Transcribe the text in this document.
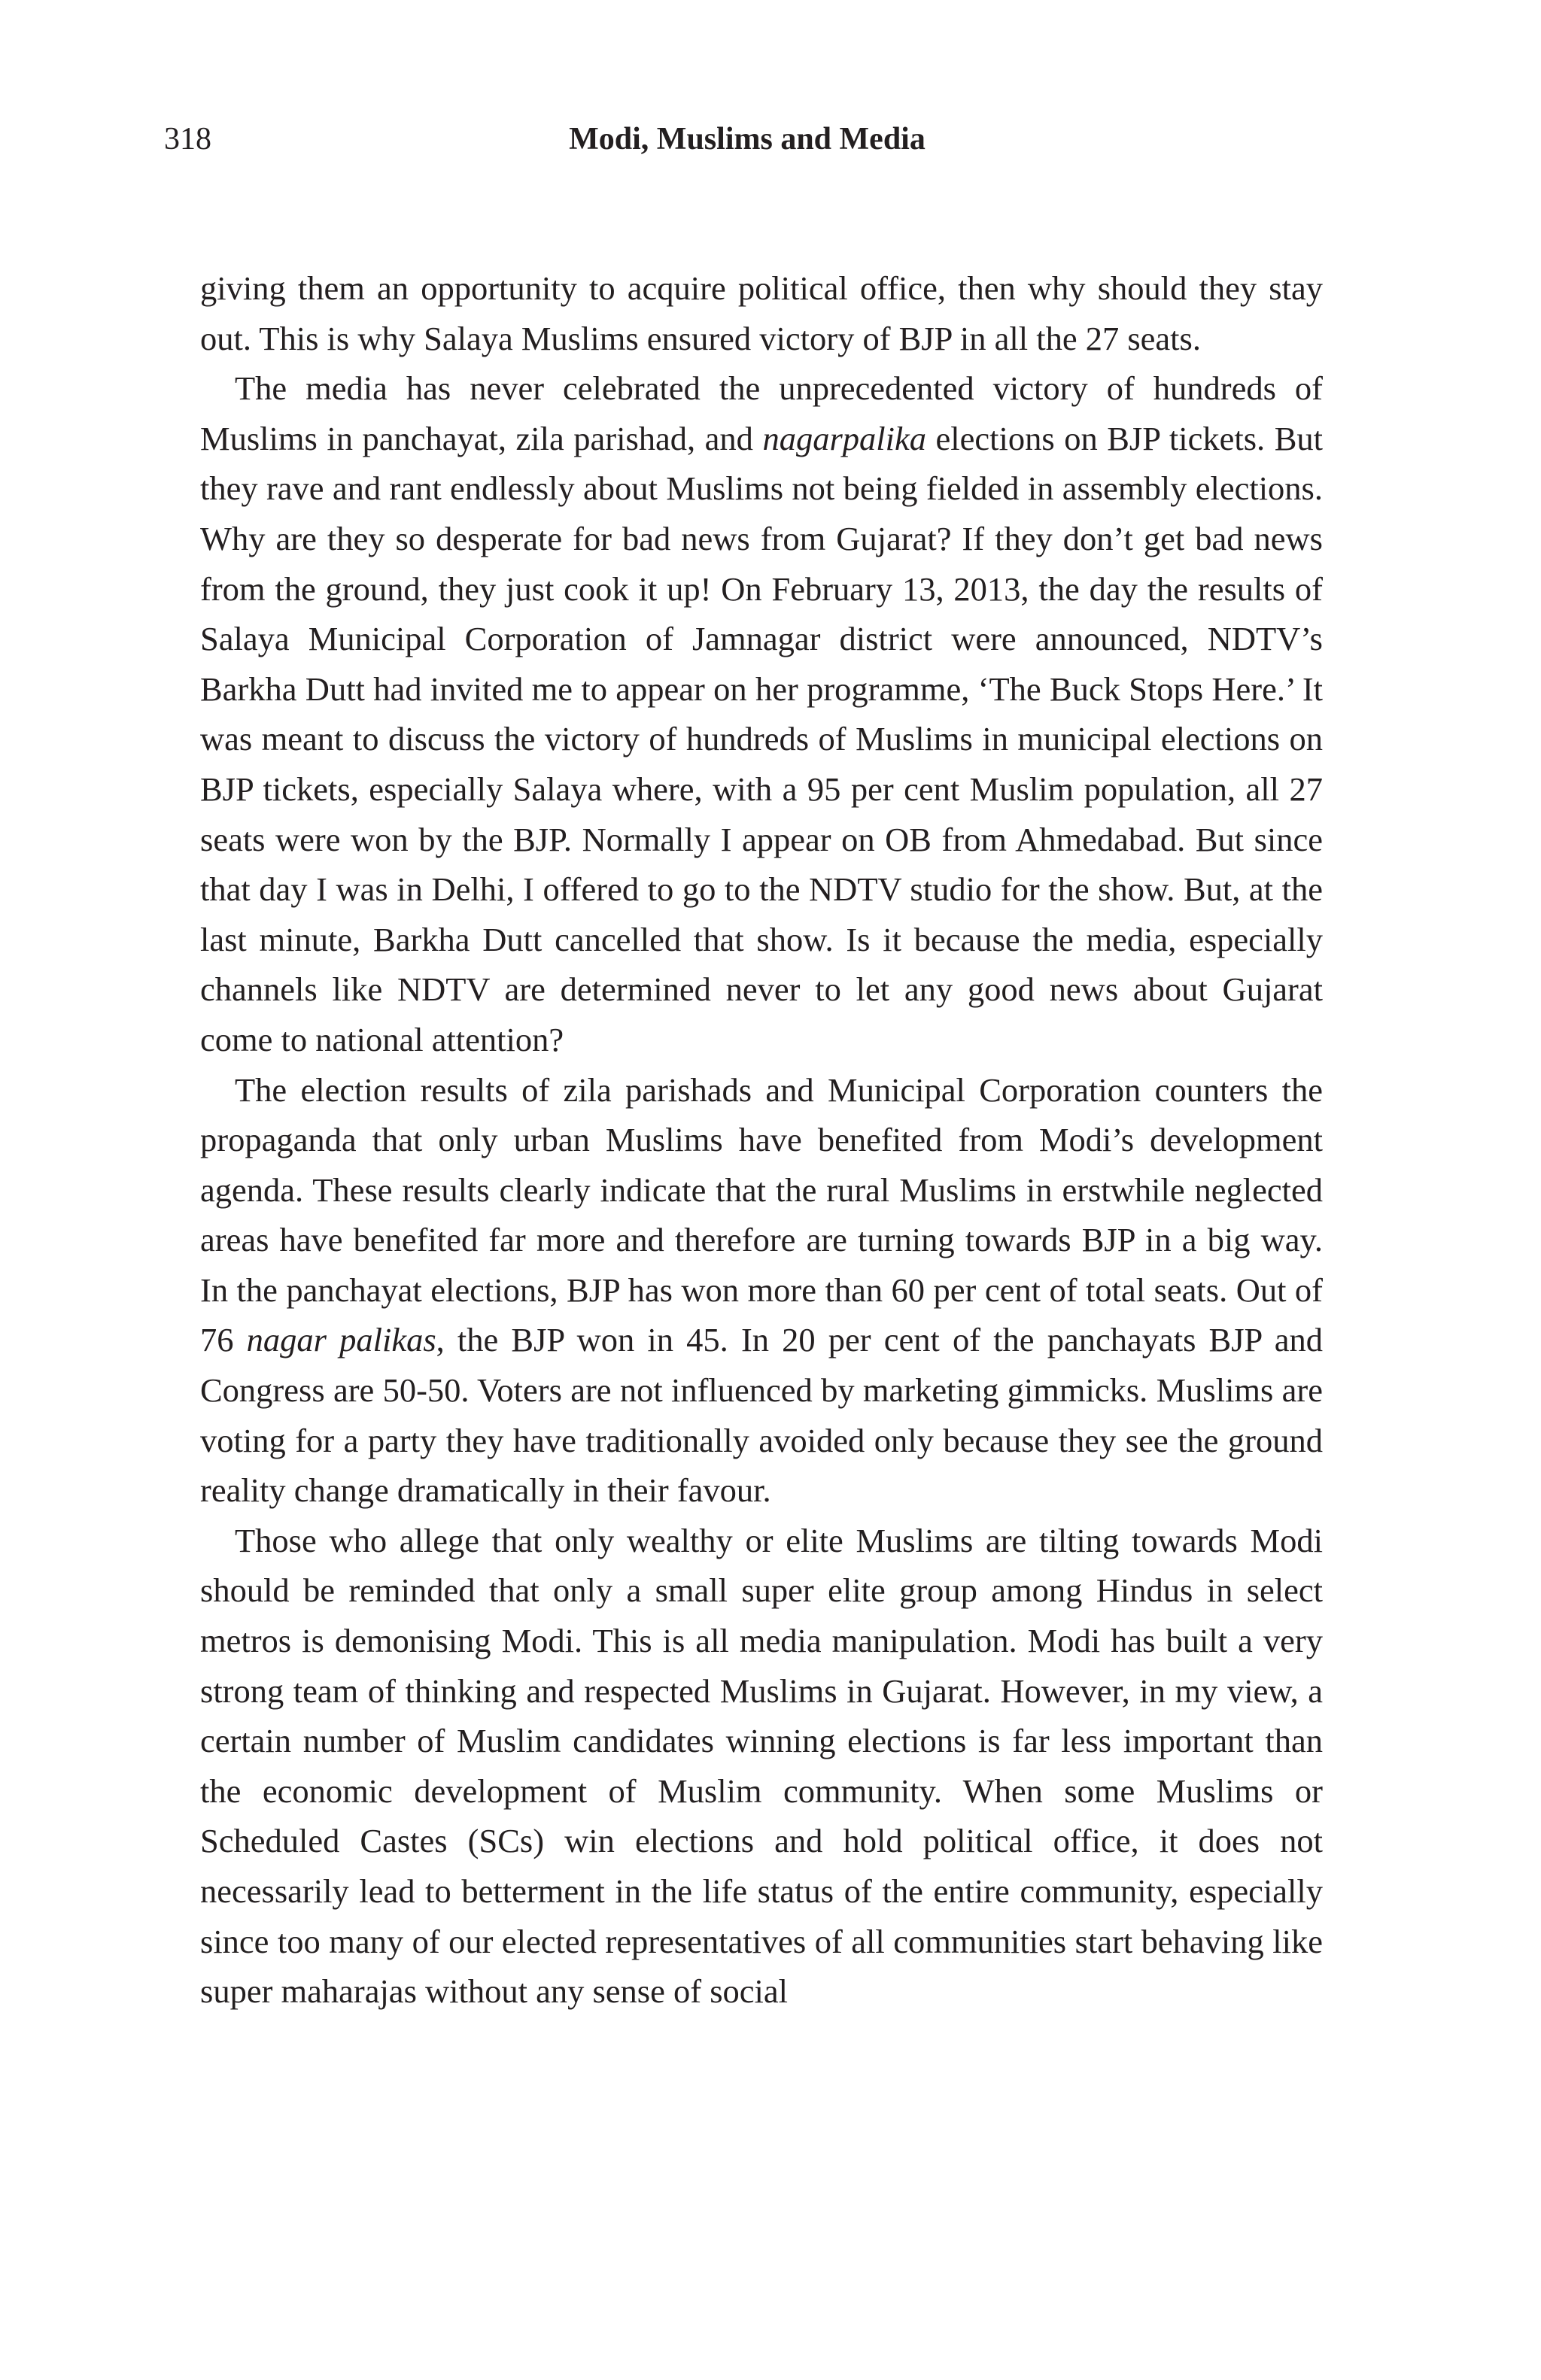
318	Modi, Muslims and Media

giving them an opportunity to acquire political office, then why should they stay out. This is why Salaya Muslims ensured victory of BJP in all the 27 seats.

The media has never celebrated the unprecedented victory of hundreds of Muslims in panchayat, zila parishad, and nagarpalika elections on BJP tickets. But they rave and rant endlessly about Muslims not being fielded in assembly elections. Why are they so desperate for bad news from Gujarat? If they don’t get bad news from the ground, they just cook it up! On February 13, 2013, the day the results of Salaya Municipal Corporation of Jamnagar district were announced, NDTV’s Barkha Dutt had invited me to appear on her programme, ‘The Buck Stops Here.’ It was meant to discuss the victory of hundreds of Muslims in municipal elections on BJP tickets, especially Salaya where, with a 95 per cent Muslim population, all 27 seats were won by the BJP. Normally I appear on OB from Ahmedabad. But since that day I was in Delhi, I offered to go to the NDTV studio for the show. But, at the last minute, Barkha Dutt cancelled that show. Is it because the media, especially channels like NDTV are determined never to let any good news about Gujarat come to national attention?

The election results of zila parishads and Municipal Corporation counters the propaganda that only urban Muslims have benefited from Modi’s development agenda. These results clearly indicate that the rural Muslims in erstwhile neglected areas have benefited far more and therefore are turning towards BJP in a big way. In the panchayat elections, BJP has won more than 60 per cent of total seats. Out of 76 nagar palikas, the BJP won in 45. In 20 per cent of the panchayats BJP and Congress are 50-50. Voters are not influenced by marketing gimmicks. Muslims are voting for a party they have traditionally avoided only because they see the ground reality change dramatically in their favour.

Those who allege that only wealthy or elite Muslims are tilting towards Modi should be reminded that only a small super elite group among Hindus in select metros is demonising Modi. This is all media manipulation. Modi has built a very strong team of thinking and respected Muslims in Gujarat. However, in my view, a certain number of Muslim candidates winning elections is far less important than the economic development of Muslim community. When some Muslims or Scheduled Castes (SCs) win elections and hold political office, it does not necessarily lead to betterment in the life status of the entire community, especially since too many of our elected representatives of all communities start behaving like super maharajas without any sense of social
